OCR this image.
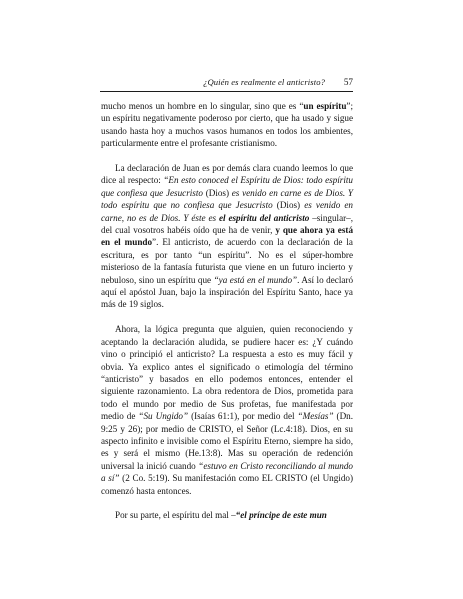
¿Quién es realmente el anticristo? 57

mucho menos un hombre en lo singular, sino que es “un espíritu”; un espíritu negativamente poderoso por cierto, que ha usado y sigue usando hasta hoy a muchos vasos humanos en todos los ambientes, particularmente entre el profesante cristianismo.

La declaración de Juan es por demás clara cuando leemos lo que dice al respecto: “En esto conoced el Espíritu de Dios: todo espíritu que confiesa que Jesucristo (Dios) es venido en carne es de Dios. Y todo espíritu que no confiesa que Jesucristo (Dios) es venido en carne, no es de Dios. Y éste es el espíritu del anticristo –singular–, del cual vosotros habéis oído que ha de venir, y que ahora ya está en el mundo”. El anticristo, de acuerdo con la declaración de la escritura, es por tanto “un espíritu”. No es el súper-hombre misterioso de la fantasía futurista que viene en un futuro incierto y nebuloso, sino un espíritu que “ya está en el mundo”. Así lo declaró aquí el apóstol Juan, bajo la inspiración del Espíritu Santo, hace ya más de 19 siglos.

Ahora, la lógica pregunta que alguien, quien reconociendo y aceptando la declaración aludida, se pudiere hacer es: ¿Y cuándo vino o principió el anticristo? La respuesta a esto es muy fácil y obvia. Ya explico antes el significado o etimología del término “anticristo” y basados en ello podemos entonces, entender el siguiente razonamiento. La obra redentora de Dios, prometida para todo el mundo por medio de Sus profetas, fue manifestada por medio de “Su Ungido” (Isaías 61:1), por medio del “Mesías” (Dn. 9:25 y 26); por medio de CRISTO, el Señor (Lc.4:18). Dios, en su aspecto infinito e invisible como el Espíritu Eterno, siempre ha sido, es y será el mismo (He.13:8). Mas su operación de redención universal la inició cuando “estuvo en Cristo reconciliando al mundo a sí” (2 Co. 5:19). Su manifestación como EL CRISTO (el Ungido) comenzó hasta entonces.

Por su parte, el espíritu del mal –“el príncipe de este mun
